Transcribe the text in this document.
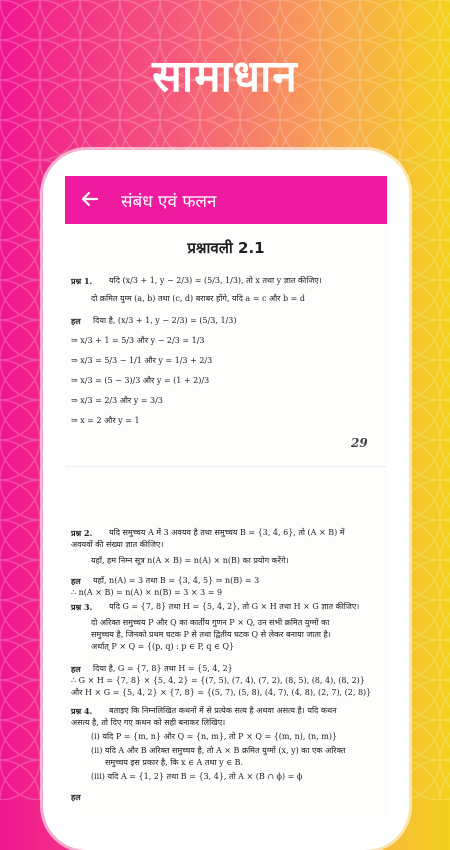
सामाधान
संबंध एवं फलन
प्रश्नावली 2.1
प्रश्न 1. यदि (x/3 + 1, y − 2/3) = (5/3, 1/3), तो x तथा y ज्ञात कीजिए।
दो क्रमित युग्म (a, b) तथा (c, d) बराबर होंगे, यदि a = c और b = d
हल दिया है, (x/3 + 1, y − 2/3) = (5/3, 1/3)
⇒ x/3 + 1 = 5/3 और y − 2/3 = 1/3
⇒ x/3 = 5/3 − 1/1 और y = 1/3 + 2/3
⇒ x/3 = (5 − 3)/3 और y = (1 + 2)/3
⇒ x/3 = 2/3 और y = 3/3
⇒ x = 2 और y = 1
29
प्रश्न 2. यदि समुच्चय A में 3 अवयव है तथा समुच्चय B = {3, 4, 6}, तो (A × B) में
अवयवों की संख्या ज्ञात कीजिए।
यहाँ, हम निम्न सूत्र n(A × B) = n(A) × n(B) का प्रयोग करेंगे।
हल यहाँ, n(A) = 3 तथा B = {3, 4, 5} ⇒ n(B) = 3
∴ n(A × B) = n(A) × n(B) = 3 × 3 = 9
प्रश्न 3. यदि G = {7, 8} तथा H = {5, 4, 2}, तो G × H तथा H × G ज्ञात कीजिए।
दो अरिक्त समुच्चय P और Q का कार्तीय गुणन P × Q, उन सभी क्रमित युग्मों का
समुच्चय है, जिनको प्रथम घटक P से तथा द्वितीय घटक Q से लेकर बनाया जाता है।
अर्थात् P × Q = {(p, q) : p ∈ P, q ∈ Q}
हल दिया है, G = {7, 8} तथा H = {5, 4, 2}
∴ G × H = {7, 8} × {5, 4, 2} = {(7, 5), (7, 4), (7, 2), (8, 5), (8, 4), (8, 2)}
और H × G = {5, 4, 2} × {7, 8} = {(5, 7), (5, 8), (4, 7), (4, 8), (2, 7), (2, 8)}
प्रश्न 4. बताइए कि निम्नलिखित कथनों में से प्रत्येक सत्य है अथवा असत्य है। यदि कथन
असत्य है, तो दिए गए कथन को सही बनाकर लिखिए।
(i) यदि P = {m, n} और Q = {n, m}, तो P × Q = {(m, n), (n, m)}
(ii) यदि A और B अरिक्त समुच्चय है, तो A × B क्रमित युग्मों (x, y) का एक अरिक्त
समुच्चय इस प्रकार है, कि x ∈ A तथा y ∈ B.
(iii) यदि A = {1, 2} तथा B = {3, 4}, तो A × (B ∩ ϕ) = ϕ
हल
